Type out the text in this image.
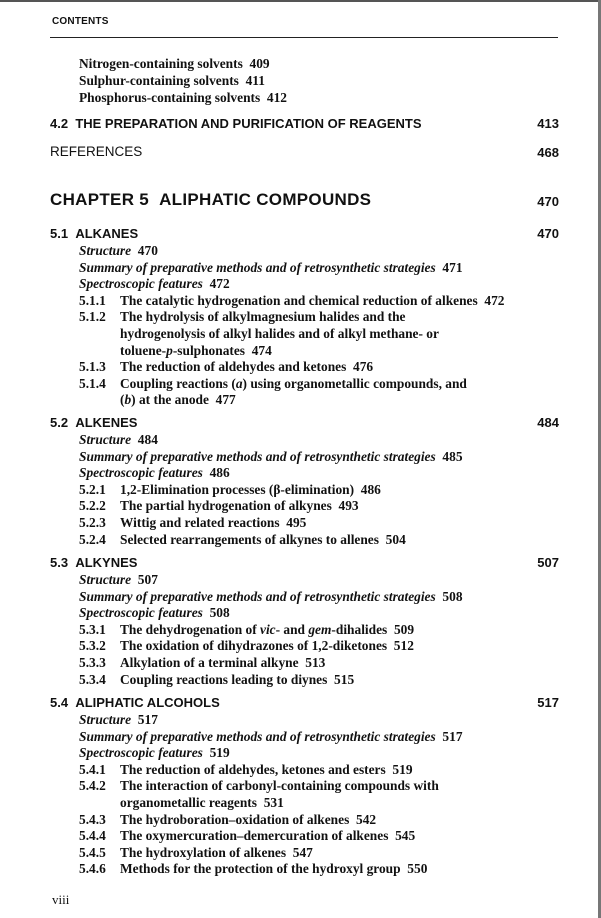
CONTENTS
Nitrogen-containing solvents 409
Sulphur-containing solvents 411
Phosphorus-containing solvents 412
4.2 THE PREPARATION AND PURIFICATION OF REAGENTS	413
REFERENCES	468
CHAPTER 5 ALIPHATIC COMPOUNDS	470
5.1 ALKANES	470
Structure 470
Summary of preparative methods and of retrosynthetic strategies 471
Spectroscopic features 472
5.1.1 The catalytic hydrogenation and chemical reduction of alkenes 472
5.1.2 The hydrolysis of alkylmagnesium halides and the
hydrogenolysis of alkyl halides and of alkyl methane- or
toluene-p-sulphonates 474
5.1.3 The reduction of aldehydes and ketones 476
5.1.4 Coupling reactions (a) using organometallic compounds, and
(b) at the anode 477
5.2 ALKENES	484
Structure 484
Summary of preparative methods and of retrosynthetic strategies 485
Spectroscopic features 486
5.2.1 1,2-Elimination processes (β-elimination) 486
5.2.2 The partial hydrogenation of alkynes 493
5.2.3 Wittig and related reactions 495
5.2.4 Selected rearrangements of alkynes to allenes 504
5.3 ALKYNES	507
Structure 507
Summary of preparative methods and of retrosynthetic strategies 508
Spectroscopic features 508
5.3.1 The dehydrogenation of vic- and gem-dihalides 509
5.3.2 The oxidation of dihydrazones of 1,2-diketones 512
5.3.3 Alkylation of a terminal alkyne 513
5.3.4 Coupling reactions leading to diynes 515
5.4 ALIPHATIC ALCOHOLS	517
Structure 517
Summary of preparative methods and of retrosynthetic strategies 517
Spectroscopic features 519
5.4.1 The reduction of aldehydes, ketones and esters 519
5.4.2 The interaction of carbonyl-containing compounds with
organometallic reagents 531
5.4.3 The hydroboration–oxidation of alkenes 542
5.4.4 The oxymercuration–demercuration of alkenes 545
5.4.5 The hydroxylation of alkenes 547
5.4.6 Methods for the protection of the hydroxyl group 550
viii
